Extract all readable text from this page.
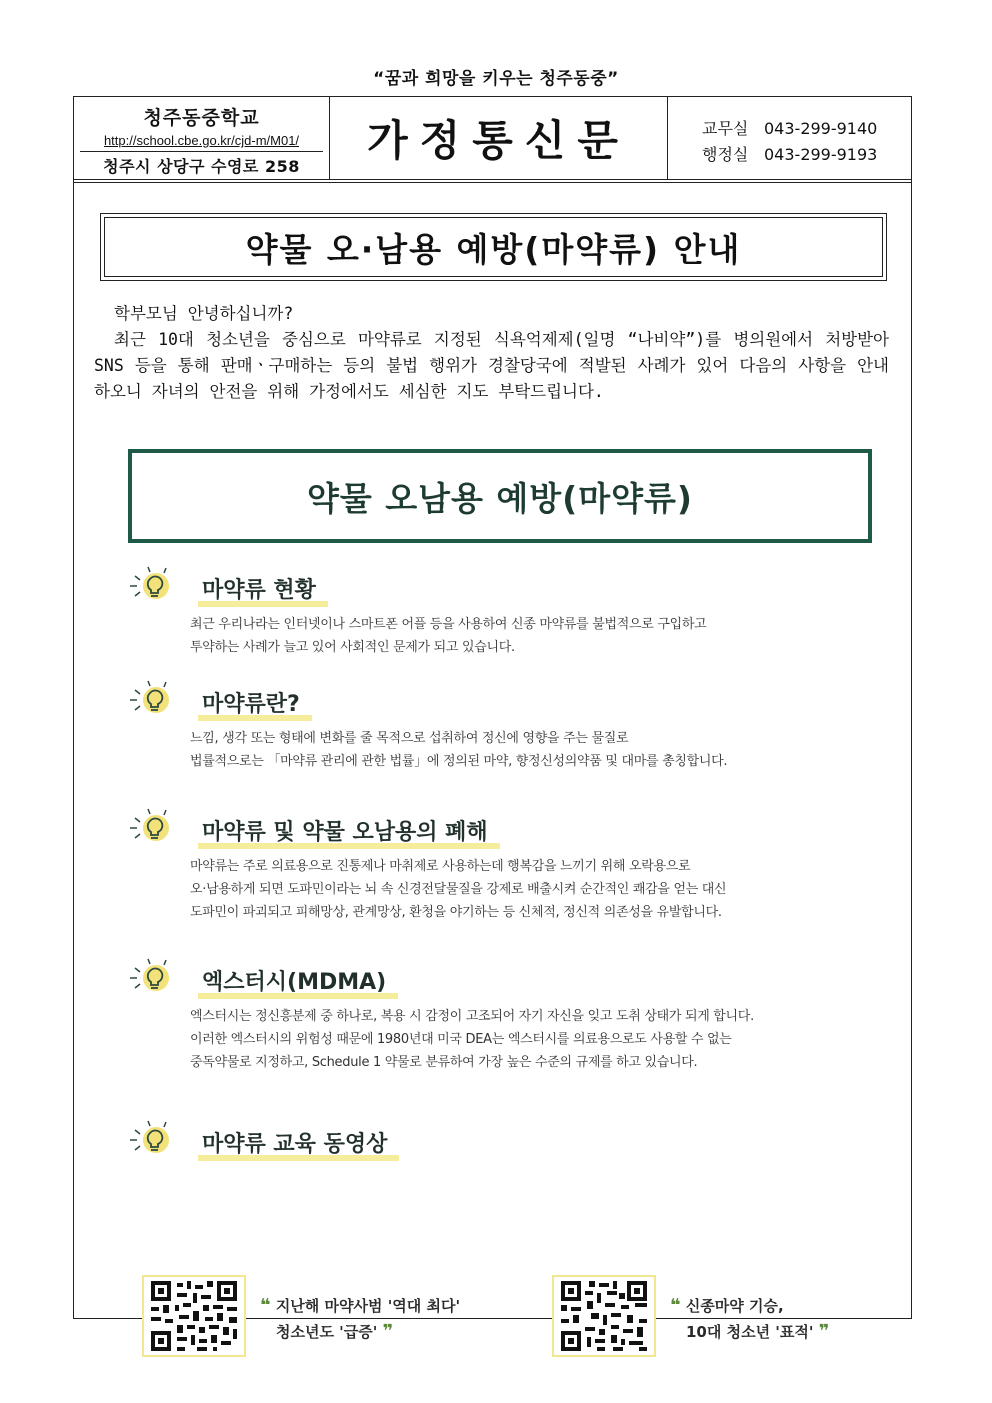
“꿈과 희망을 키우는 청주동중”
청주동중학교
http://school.cbe.go.kr/cjd-m/M01/
청주시 상당구 수영로 258
가정통신문	교무실 043-299-9140
행정실 043-299-9193
약물 오·남용 예방(마약류) 안내

학부모님 안녕하십니까?

최근 10대 청소년을 중심으로 마약류로 지정된 식욕억제제(일명 “나비약”)를 병의원에서 처방받아 SNS 등을 통해 판매ㆍ구매하는 등의 불법 행위가 경찰당국에 적발된 사례가 있어 다음의 사항을 안내하오니 자녀의 안전을 위해 가정에서도 세심한 지도 부탁드립니다.

약물 오남용 예방(마약류)
마약류 현황

최근 우리나라는 인터넷이나 스마트폰 어플 등을 사용하여 신종 마약류를 불법적으로 구입하고

투약하는 사례가 늘고 있어 사회적인 문제가 되고 있습니다.

마약류란?

느낌, 생각 또는 형태에 변화를 줄 목적으로 섭취하여 정신에 영향을 주는 물질로

법률적으로는 「마약류 관리에 관한 법률」에 정의된 마약, 향정신성의약품 및 대마를 총칭합니다.

마약류 및 약물 오남용의 폐해

마약류는 주로 의료용으로 진통제나 마취제로 사용하는데 행복감을 느끼기 위해 오락용으로

오·남용하게 되면 도파민이라는 뇌 속 신경전달물질을 강제로 배출시켜 순간적인 쾌감을 얻는 대신

도파민이 파괴되고 피해망상, 관계망상, 환청을 야기하는 등 신체적, 정신적 의존성을 유발합니다.

엑스터시(MDMA)

엑스터시는 정신흥분제 중 하나로, 복용 시 감정이 고조되어 자기 자신을 잊고 도취 상태가 되게 합니다.

이러한 엑스터시의 위험성 때문에 1980년대 미국 DEA는 엑스터시를 의료용으로도 사용할 수 없는

중독약물로 지정하고, Schedule 1 약물로 분류하여 가장 높은 수준의 규제를 하고 있습니다.

마약류 교육 동영상
❝ 지난해 마약사범 '역대 최다'
청소년도 '급증' ❞
❝ 신종마약 기승,
10대 청소년 '표적' ❞
